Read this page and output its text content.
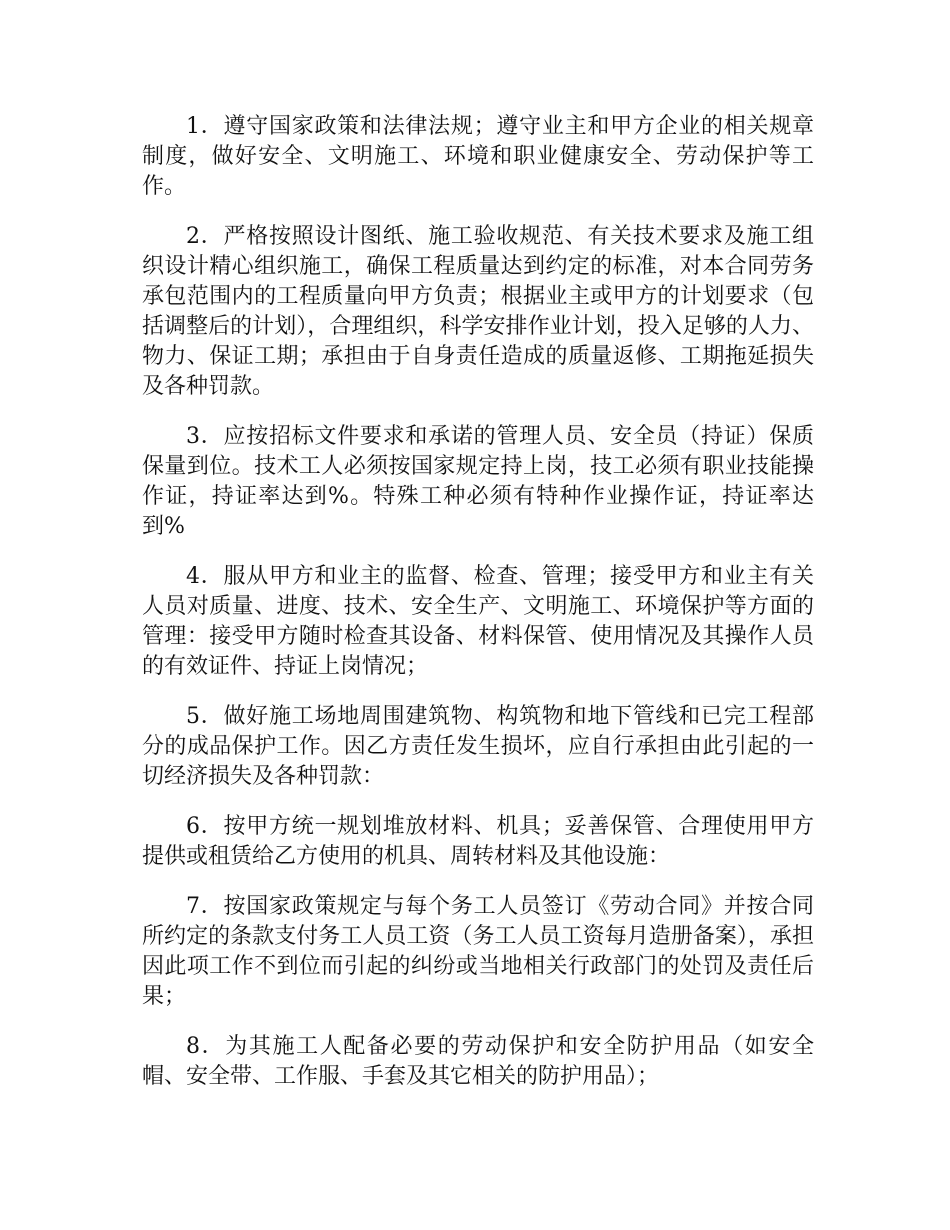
1．遵守国家政策和法律法规；遵守业主和甲方企业的相关规章制度，做好安全、文明施工、环境和职业健康安全、劳动保护等工作。

2．严格按照设计图纸、施工验收规范、有关技术要求及施工组织设计精心组织施工，确保工程质量达到约定的标准，对本合同劳务承包范围内的工程质量向甲方负责；根据业主或甲方的计划要求（包括调整后的计划），合理组织，科学安排作业计划，投入足够的人力、物力、保证工期；承担由于自身责任造成的质量返修、工期拖延损失及各种罚款。

3．应按招标文件要求和承诺的管理人员、安全员（持证）保质保量到位。技术工人必须按国家规定持上岗，技工必须有职业技能操作证，持证率达到%。特殊工种必须有特种作业操作证，持证率达到%

4．服从甲方和业主的监督、检查、管理；接受甲方和业主有关人员对质量、进度、技术、安全生产、文明施工、环境保护等方面的管理：接受甲方随时检查其设备、材料保管、使用情况及其操作人员的有效证件、持证上岗情况；

5．做好施工场地周围建筑物、构筑物和地下管线和已完工程部分的成品保护工作。因乙方责任发生损坏，应自行承担由此引起的一切经济损失及各种罚款：

6．按甲方统一规划堆放材料、机具；妥善保管、合理使用甲方提供或租赁给乙方使用的机具、周转材料及其他设施：

7．按国家政策规定与每个务工人员签订《劳动合同》并按合同所约定的条款支付务工人员工资（务工人员工资每月造册备案），承担因此项工作不到位而引起的纠纷或当地相关行政部门的处罚及责任后果；

8．为其施工人配备必要的劳动保护和安全防护用品（如安全帽、安全带、工作服、手套及其它相关的防护用品）；
